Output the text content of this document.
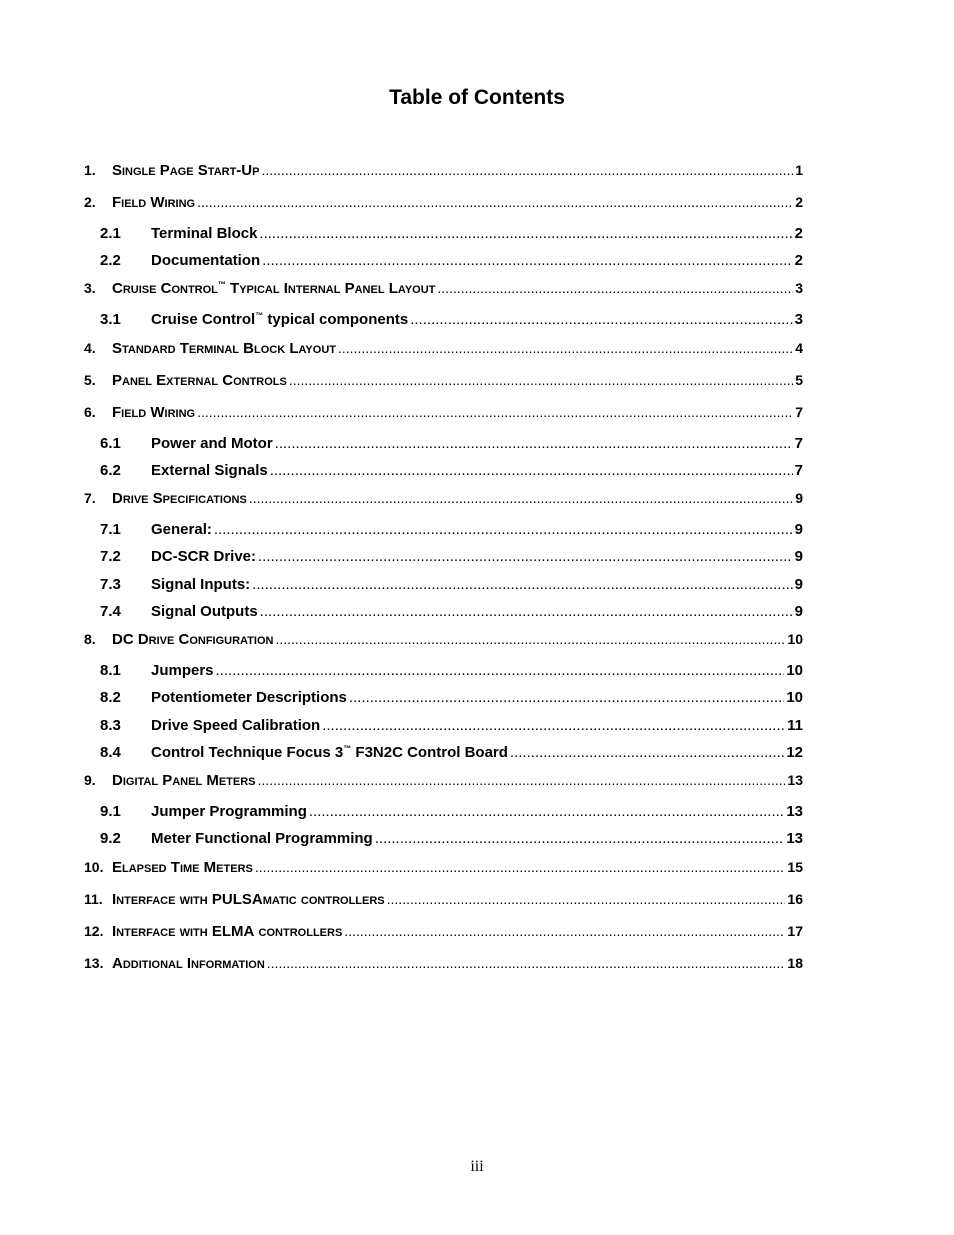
Table of Contents
1.	Single Page Start-Up .....	1
2.	Field Wiring .....	2
2.1	Terminal Block .....	2
2.2	Documentation .....	2
3.	Cruise Control™ Typical Internal Panel Layout .....	3
3.1	Cruise Control™ typical components .....	3
4.	Standard Terminal Block Layout .....	4
5.	Panel External Controls .....	5
6.	Field Wiring .....	7
6.1	Power and Motor .....	7
6.2	External Signals .....	7
7.	Drive Specifications .....	9
7.1	General: .....	9
7.2	DC-SCR Drive: .....	9
7.3	Signal Inputs: .....	9
7.4	Signal Outputs .....	9
8.	DC Drive Configuration .....	10
8.1	Jumpers .....	10
8.2	Potentiometer Descriptions .....	10
8.3	Drive Speed Calibration .....	11
8.4	Control Technique Focus 3™ F3N2C Control Board .....	12
9.	Digital Panel Meters .....	13
9.1	Jumper Programming .....	13
9.2	Meter Functional Programming .....	13
10. Elapsed Time Meters .....	15
11. Interface with PULSAmatic controllers .....	16
12. Interface with ELMA controllers .....	17
13. Additional Information .....	18
iii
